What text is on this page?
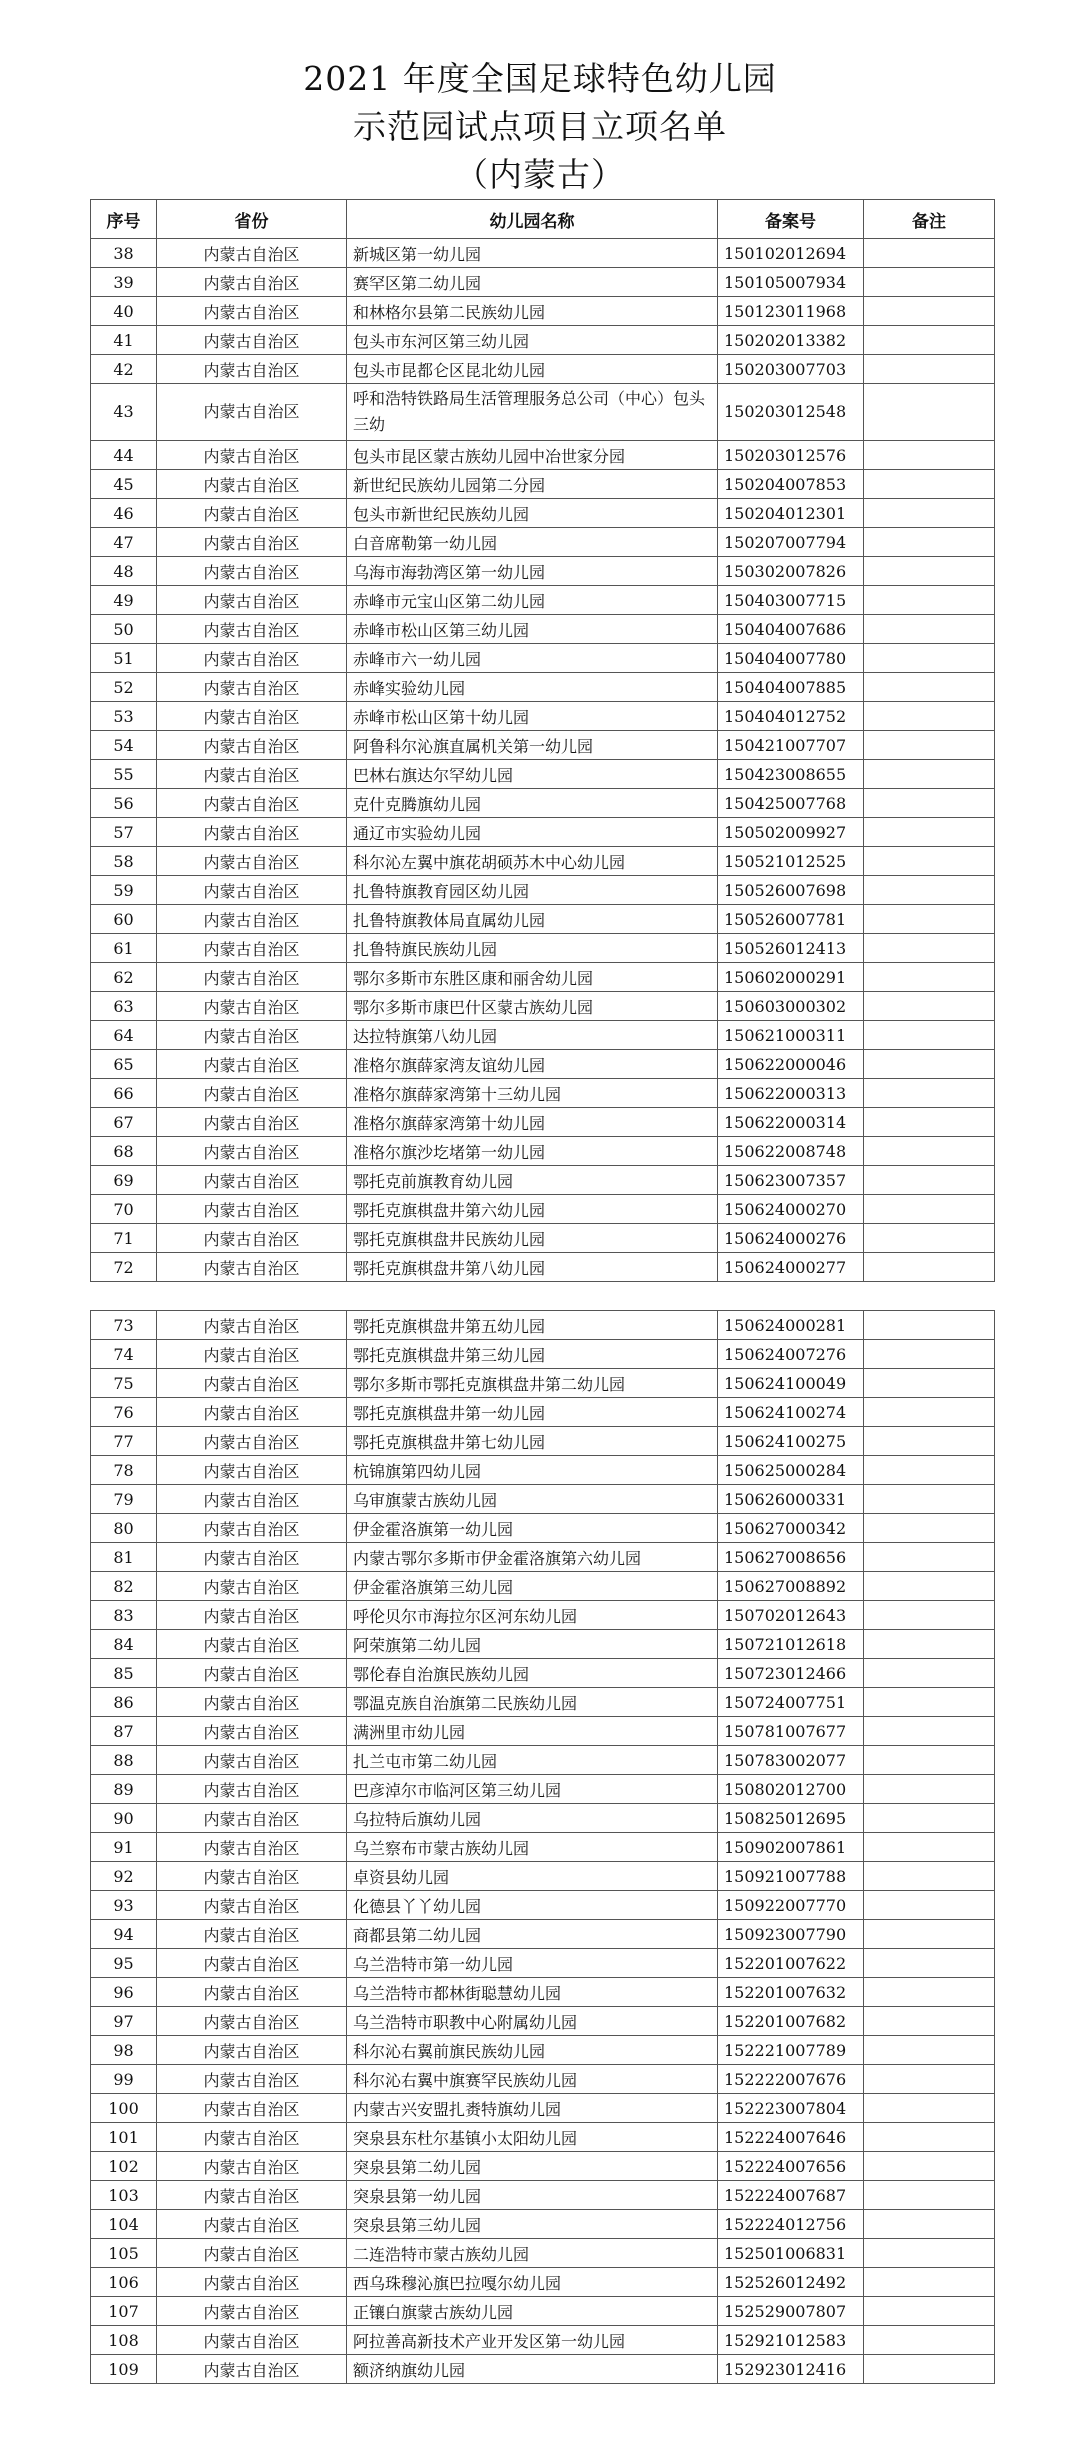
2021 年度全国足球特色幼儿园
示范园试点项目立项名单
（内蒙古）
序号	省份	幼儿园名称	备案号	备注
38	内蒙古自治区	新城区第一幼儿园	150102012694	
39	内蒙古自治区	赛罕区第二幼儿园	150105007934	
40	内蒙古自治区	和林格尔县第二民族幼儿园	150123011968	
41	内蒙古自治区	包头市东河区第三幼儿园	150202013382	
42	内蒙古自治区	包头市昆都仑区昆北幼儿园	150203007703	
43	内蒙古自治区	呼和浩特铁路局生活管理服务总公司（中心）包头三幼	150203012548	
44	内蒙古自治区	包头市昆区蒙古族幼儿园中冶世家分园	150203012576	
45	内蒙古自治区	新世纪民族幼儿园第二分园	150204007853	
46	内蒙古自治区	包头市新世纪民族幼儿园	150204012301	
47	内蒙古自治区	白音席勒第一幼儿园	150207007794	
48	内蒙古自治区	乌海市海勃湾区第一幼儿园	150302007826	
49	内蒙古自治区	赤峰市元宝山区第二幼儿园	150403007715	
50	内蒙古自治区	赤峰市松山区第三幼儿园	150404007686	
51	内蒙古自治区	赤峰市六一幼儿园	150404007780	
52	内蒙古自治区	赤峰实验幼儿园	150404007885	
53	内蒙古自治区	赤峰市松山区第十幼儿园	150404012752	
54	内蒙古自治区	阿鲁科尔沁旗直属机关第一幼儿园	150421007707	
55	内蒙古自治区	巴林右旗达尔罕幼儿园	150423008655	
56	内蒙古自治区	克什克腾旗幼儿园	150425007768	
57	内蒙古自治区	通辽市实验幼儿园	150502009927	
58	内蒙古自治区	科尔沁左翼中旗花胡硕苏木中心幼儿园	150521012525	
59	内蒙古自治区	扎鲁特旗教育园区幼儿园	150526007698	
60	内蒙古自治区	扎鲁特旗教体局直属幼儿园	150526007781	
61	内蒙古自治区	扎鲁特旗民族幼儿园	150526012413	
62	内蒙古自治区	鄂尔多斯市东胜区康和丽舍幼儿园	150602000291	
63	内蒙古自治区	鄂尔多斯市康巴什区蒙古族幼儿园	150603000302	
64	内蒙古自治区	达拉特旗第八幼儿园	150621000311	
65	内蒙古自治区	准格尔旗薛家湾友谊幼儿园	150622000046	
66	内蒙古自治区	准格尔旗薛家湾第十三幼儿园	150622000313	
67	内蒙古自治区	准格尔旗薛家湾第十幼儿园	150622000314	
68	内蒙古自治区	准格尔旗沙圪堵第一幼儿园	150622008748	
69	内蒙古自治区	鄂托克前旗教育幼儿园	150623007357	
70	内蒙古自治区	鄂托克旗棋盘井第六幼儿园	150624000270	
71	内蒙古自治区	鄂托克旗棋盘井民族幼儿园	150624000276	
72	内蒙古自治区	鄂托克旗棋盘井第八幼儿园	150624000277	
73	内蒙古自治区	鄂托克旗棋盘井第五幼儿园	150624000281	
74	内蒙古自治区	鄂托克旗棋盘井第三幼儿园	150624007276	
75	内蒙古自治区	鄂尔多斯市鄂托克旗棋盘井第二幼儿园	150624100049	
76	内蒙古自治区	鄂托克旗棋盘井第一幼儿园	150624100274	
77	内蒙古自治区	鄂托克旗棋盘井第七幼儿园	150624100275	
78	内蒙古自治区	杭锦旗第四幼儿园	150625000284	
79	内蒙古自治区	乌审旗蒙古族幼儿园	150626000331	
80	内蒙古自治区	伊金霍洛旗第一幼儿园	150627000342	
81	内蒙古自治区	内蒙古鄂尔多斯市伊金霍洛旗第六幼儿园	150627008656	
82	内蒙古自治区	伊金霍洛旗第三幼儿园	150627008892	
83	内蒙古自治区	呼伦贝尔市海拉尔区河东幼儿园	150702012643	
84	内蒙古自治区	阿荣旗第二幼儿园	150721012618	
85	内蒙古自治区	鄂伦春自治旗民族幼儿园	150723012466	
86	内蒙古自治区	鄂温克族自治旗第二民族幼儿园	150724007751	
87	内蒙古自治区	满洲里市幼儿园	150781007677	
88	内蒙古自治区	扎兰屯市第二幼儿园	150783002077	
89	内蒙古自治区	巴彦淖尔市临河区第三幼儿园	150802012700	
90	内蒙古自治区	乌拉特后旗幼儿园	150825012695	
91	内蒙古自治区	乌兰察布市蒙古族幼儿园	150902007861	
92	内蒙古自治区	卓资县幼儿园	150921007788	
93	内蒙古自治区	化德县丫丫幼儿园	150922007770	
94	内蒙古自治区	商都县第二幼儿园	150923007790	
95	内蒙古自治区	乌兰浩特市第一幼儿园	152201007622	
96	内蒙古自治区	乌兰浩特市都林街聪慧幼儿园	152201007632	
97	内蒙古自治区	乌兰浩特市职教中心附属幼儿园	152201007682	
98	内蒙古自治区	科尔沁右翼前旗民族幼儿园	152221007789	
99	内蒙古自治区	科尔沁右翼中旗赛罕民族幼儿园	152222007676	
100	内蒙古自治区	内蒙古兴安盟扎赉特旗幼儿园	152223007804	
101	内蒙古自治区	突泉县东杜尔基镇小太阳幼儿园	152224007646	
102	内蒙古自治区	突泉县第二幼儿园	152224007656	
103	内蒙古自治区	突泉县第一幼儿园	152224007687	
104	内蒙古自治区	突泉县第三幼儿园	152224012756	
105	内蒙古自治区	二连浩特市蒙古族幼儿园	152501006831	
106	内蒙古自治区	西乌珠穆沁旗巴拉嘎尔幼儿园	152526012492	
107	内蒙古自治区	正镶白旗蒙古族幼儿园	152529007807	
108	内蒙古自治区	阿拉善高新技术产业开发区第一幼儿园	152921012583	
109	内蒙古自治区	额济纳旗幼儿园	152923012416	
